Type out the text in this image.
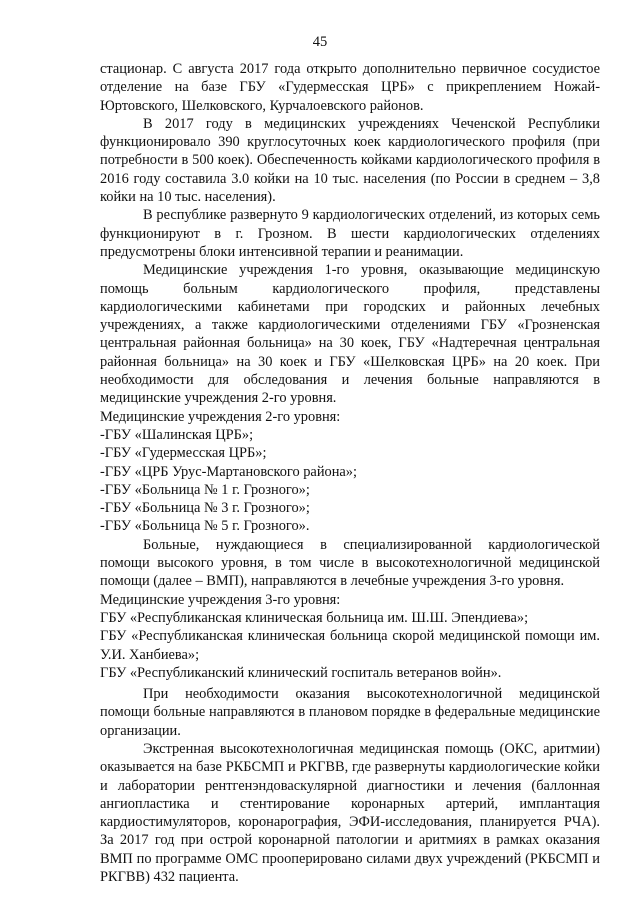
45

стационар. С августа 2017 года открыто дополнительно первичное сосудистое отделение на базе ГБУ «Гудермесская ЦРБ» с прикреплением Ножай-Юртовского, Шелковского, Курчалоевского районов.

В 2017 году в медицинских учреждениях Чеченской Республики функционировало 390 круглосуточных коек кардиологического профиля (при потребности в 500 коек). Обеспеченность койками кардиологического профиля в 2016 году составила 3.0 койки на 10 тыс. населения (по России в среднем – 3,8 койки на 10 тыс. населения).

В республике развернуто 9 кардиологических отделений, из которых семь функционируют в г. Грозном. В шести кардиологических отделениях предусмотрены блоки интенсивной терапии и реанимации.

Медицинские учреждения 1-го уровня, оказывающие медицинскую помощь больным кардиологического профиля, представлены кардиологическими кабинетами при городских и районных лечебных учреждениях, а также кардиологическими отделениями ГБУ «Грозненская центральная районная больница» на 30 коек, ГБУ «Надтеречная центральная районная больница» на 30 коек и ГБУ «Шелковская ЦРБ» на 20 коек. При необходимости для обследования и лечения больные направляются в медицинские учреждения 2-го уровня.

Медицинские учреждения 2-го уровня:

-ГБУ «Шалинская ЦРБ»;

-ГБУ «Гудермесская ЦРБ»;

-ГБУ «ЦРБ Урус-Мартановского района»;

-ГБУ «Больница № 1 г. Грозного»;

-ГБУ «Больница № 3 г. Грозного»;

-ГБУ «Больница № 5 г. Грозного».

Больные, нуждающиеся в специализированной кардиологической помощи высокого уровня, в том числе в высокотехнологичной медицинской помощи (далее – ВМП), направляются в лечебные учреждения 3-го уровня.

Медицинские учреждения 3-го уровня:

ГБУ «Республиканская клиническая больница им. Ш.Ш. Эпендиева»;

ГБУ «Республиканская клиническая больница скорой медицинской помощи им. У.И. Ханбиева»;

ГБУ «Республиканский клинический госпиталь ветеранов войн».

При необходимости оказания высокотехнологичной медицинской помощи больные направляются в плановом порядке в федеральные медицинские организации.

Экстренная высокотехнологичная медицинская помощь (ОКС, аритмии) оказывается на базе РКБСМП и РКГВВ, где развернуты кардиологические койки и лаборатории рентгенэндоваскулярной диагностики и лечения (баллонная ангиопластика и стентирование коронарных артерий, имплантация кардиостимуляторов, коронарография, ЭФИ-исследования, планируется РЧА). За 2017 год при острой коронарной патологии и аритмиях в рамках оказания ВМП по программе ОМС прооперировано силами двух учреждений (РКБСМП и РКГВВ) 432 пациента.
